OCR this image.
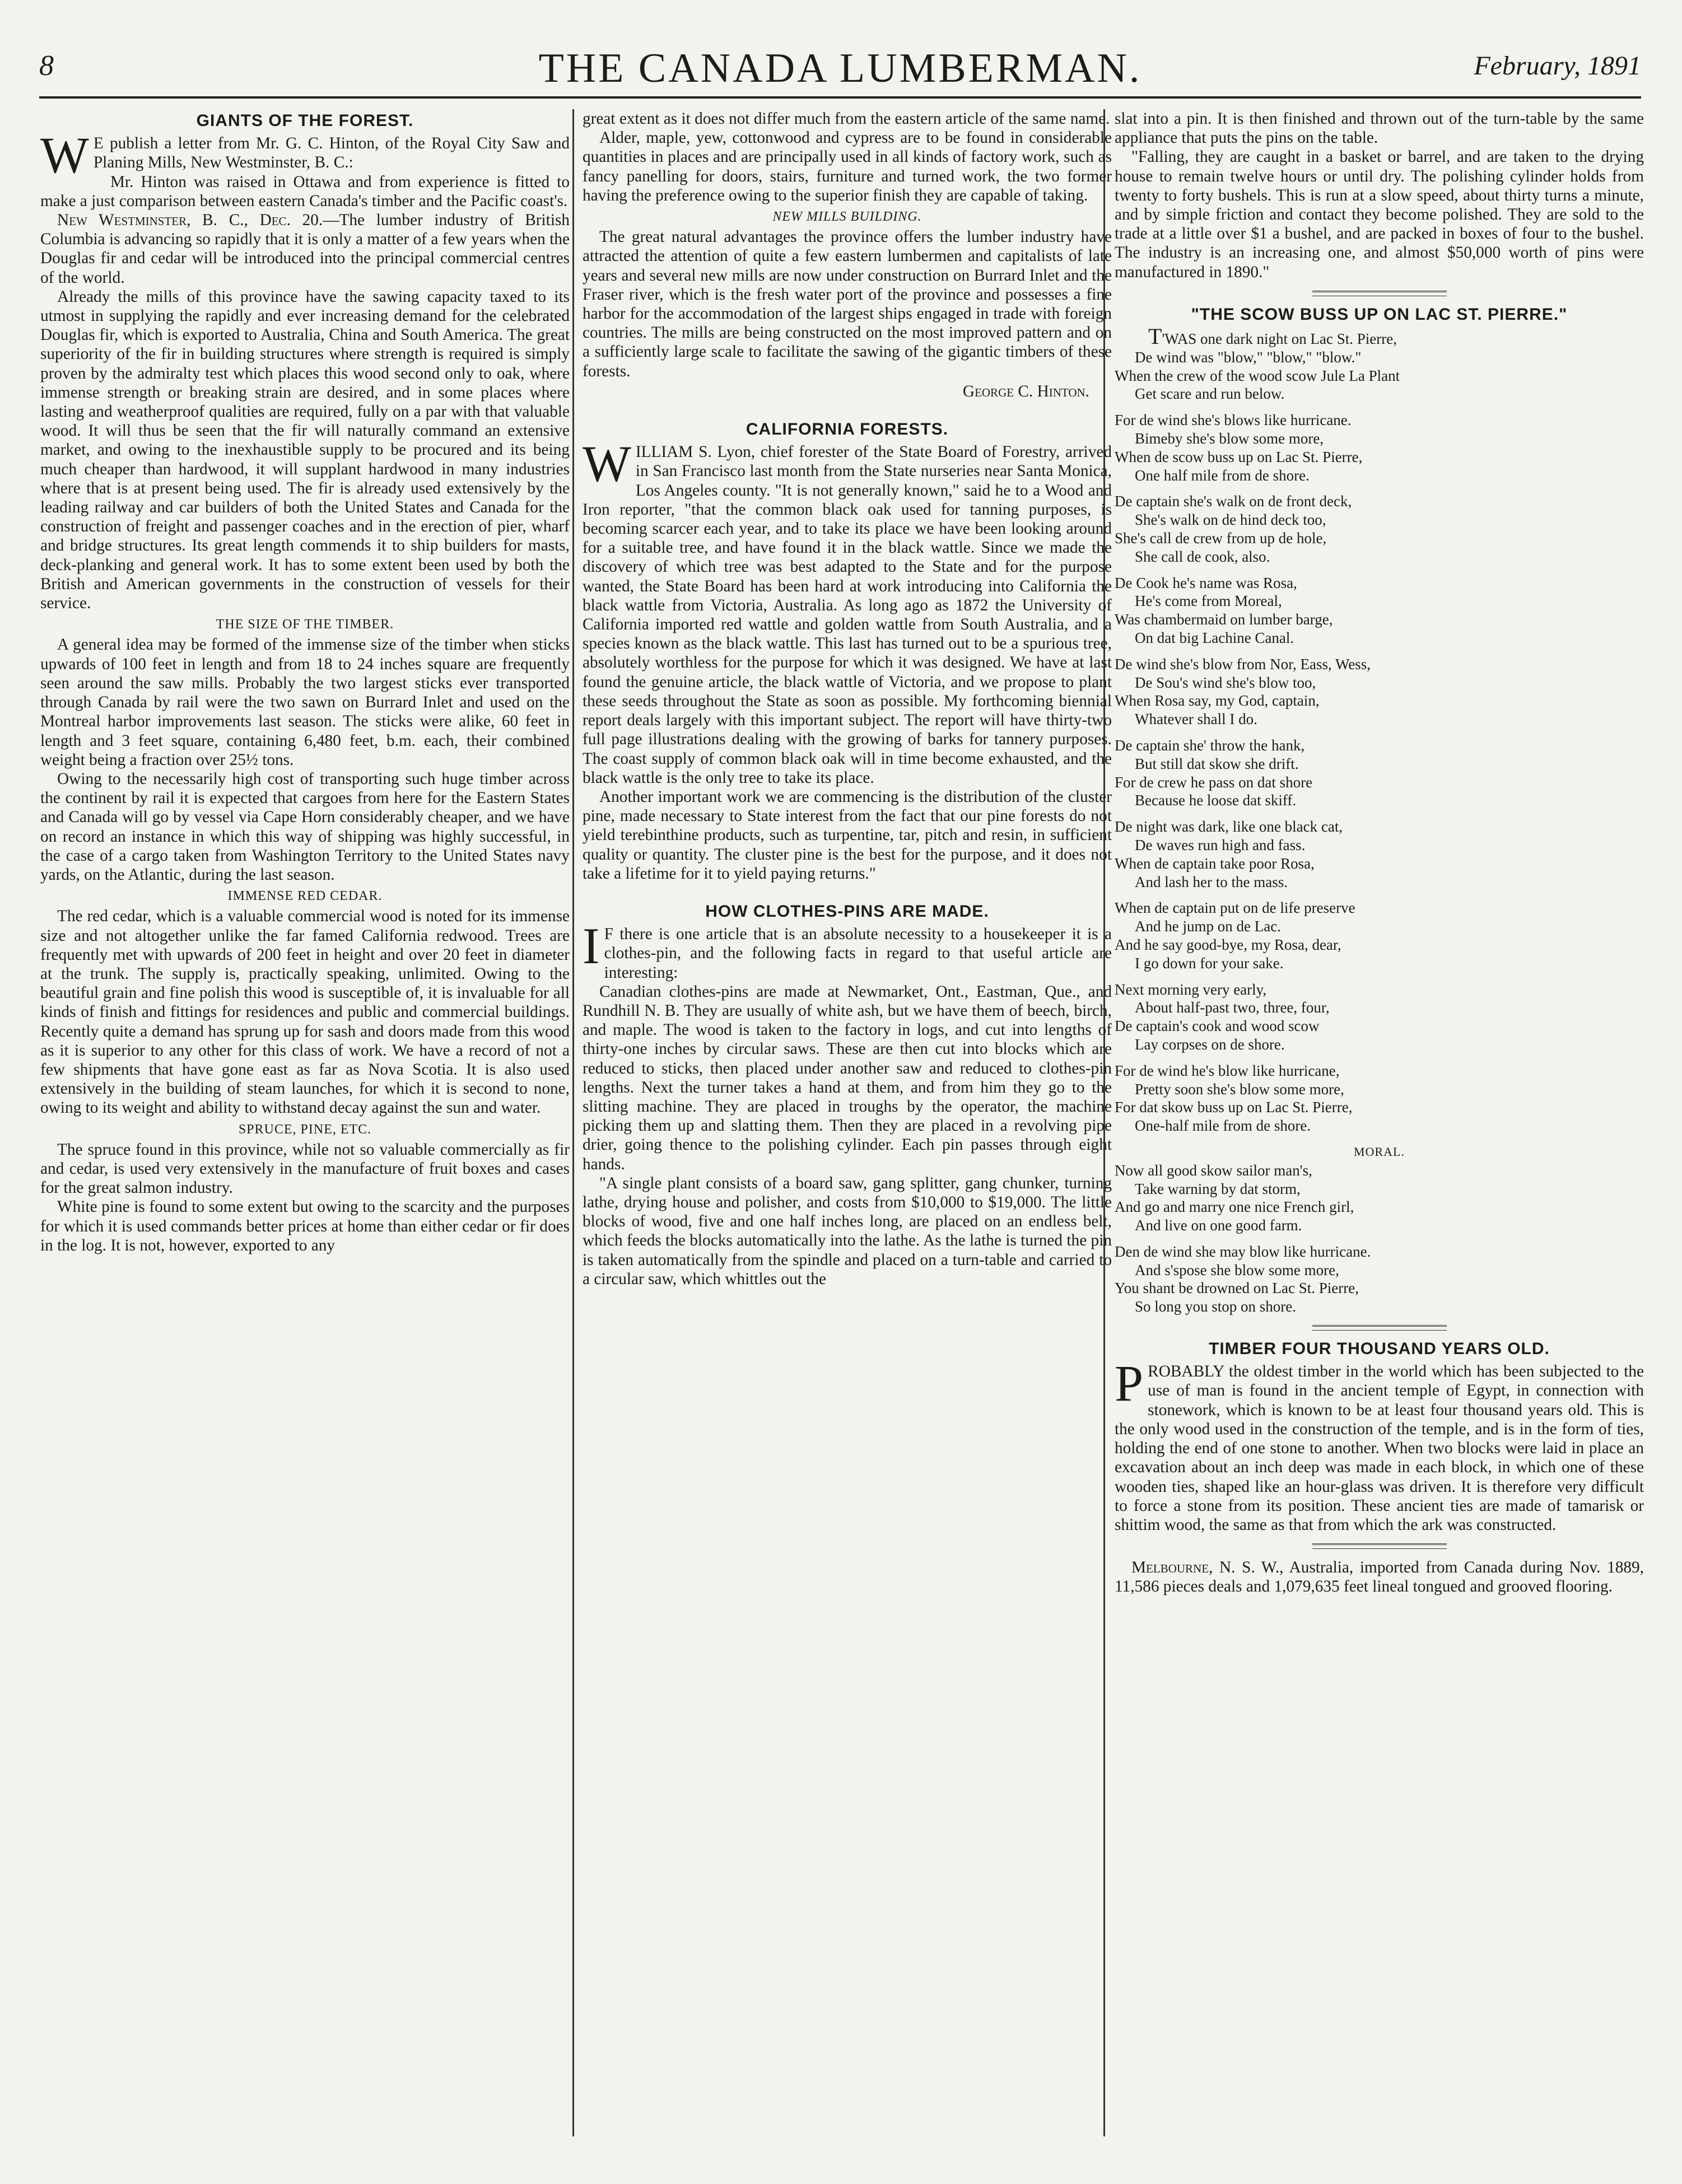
8	THE CANADA LUMBERMAN.	February, 1891
GIANTS OF THE FOREST.

W E publish a letter from Mr. G. C. Hinton, of the Royal City Saw and Planing Mills, New Westminster, B. C.:

Mr. Hinton was raised in Ottawa and from experience is fitted to make a just comparison between eastern Canada's timber and the Pacific coast's.

New Westminster, B. C., Dec. 20.—The lumber industry of British Columbia is advancing so rapidly that it is only a matter of a few years when the Douglas fir and cedar will be introduced into the principal commercial centres of the world.

Already the mills of this province have the sawing capacity taxed to its utmost in supplying the rapidly and ever increasing demand for the celebrated Douglas fir, which is exported to Australia, China and South America. The great superiority of the fir in building structures where strength is required is simply proven by the admiralty test which places this wood second only to oak, where immense strength or breaking strain are desired, and in some places where lasting and weatherproof qualities are required, fully on a par with that valuable wood. It will thus be seen that the fir will naturally command an extensive market, and owing to the inexhaustible supply to be procured and its being much cheaper than hardwood, it will supplant hardwood in many industries where that is at present being used. The fir is already used extensively by the leading railway and car builders of both the United States and Canada for the construction of freight and passenger coaches and in the erection of pier, wharf and bridge structures. Its great length commends it to ship builders for masts, deck-planking and general work. It has to some extent been used by both the British and American governments in the construction of vessels for their service.

THE SIZE OF THE TIMBER.

A general idea may be formed of the immense size of the timber when sticks upwards of 100 feet in length and from 18 to 24 inches square are frequently seen around the saw mills. Probably the two largest sticks ever transported through Canada by rail were the two sawn on Burrard Inlet and used on the Montreal harbor improvements last season. The sticks were alike, 60 feet in length and 3 feet square, containing 6,480 feet, b.m. each, their combined weight being a fraction over 25½ tons.

Owing to the necessarily high cost of transporting such huge timber across the continent by rail it is expected that cargoes from here for the Eastern States and Canada will go by vessel via Cape Horn considerably cheaper, and we have on record an instance in which this way of shipping was highly successful, in the case of a cargo taken from Washington Territory to the United States navy yards, on the Atlantic, during the last season.

IMMENSE RED CEDAR.

The red cedar, which is a valuable commercial wood is noted for its immense size and not altogether unlike the far famed California redwood. Trees are frequently met with upwards of 200 feet in height and over 20 feet in diameter at the trunk. The supply is, practically speaking, unlimited. Owing to the beautiful grain and fine polish this wood is susceptible of, it is invaluable for all kinds of finish and fittings for residences and public and commercial buildings. Recently quite a demand has sprung up for sash and doors made from this wood as it is superior to any other for this class of work. We have a record of not a few shipments that have gone east as far as Nova Scotia. It is also used extensively in the building of steam launches, for which it is second to none, owing to its weight and ability to withstand decay against the sun and water.

SPRUCE, PINE, ETC.

The spruce found in this province, while not so valuable commercially as fir and cedar, is used very extensively in the manufacture of fruit boxes and cases for the great salmon industry.

White pine is found to some extent but owing to the scarcity and the purposes for which it is used commands better prices at home than either cedar or fir does in the log. It is not, however, exported to any

great extent as it does not differ much from the eastern article of the same name.

Alder, maple, yew, cottonwood and cypress are to be found in considerable quantities in places and are principally used in all kinds of factory work, such as fancy panelling for doors, stairs, furniture and turned work, the two former having the preference owing to the superior finish they are capable of taking.

NEW MILLS BUILDING.

The great natural advantages the province offers the lumber industry have attracted the attention of quite a few eastern lumbermen and capitalists of late years and several new mills are now under construction on Burrard Inlet and the Fraser river, which is the fresh water port of the province and possesses a fine harbor for the accommodation of the largest ships engaged in trade with foreign countries. The mills are being constructed on the most improved pattern and on a sufficiently large scale to facilitate the sawing of the gigantic timbers of these forests.

George C. Hinton.
CALIFORNIA FORESTS.

WILLIAM S. Lyon, chief forester of the State Board of Forestry, arrived in San Francisco last month from the State nurseries near Santa Monica, Los Angeles county. "It is not generally known," said he to a Wood and Iron reporter, "that the common black oak used for tanning purposes, is becoming scarcer each year, and to take its place we have been looking around for a suitable tree, and have found it in the black wattle. Since we made the discovery of which tree was best adapted to the State and for the purpose wanted, the State Board has been hard at work introducing into California the black wattle from Victoria, Australia. As long ago as 1872 the University of California imported red wattle and golden wattle from South Australia, and a species known as the black wattle. This last has turned out to be a spurious tree, absolutely worthless for the purpose for which it was designed. We have at last found the genuine article, the black wattle of Victoria, and we propose to plant these seeds throughout the State as soon as possible. My forthcoming biennial report deals largely with this important subject. The report will have thirty-two full page illustrations dealing with the growing of barks for tannery purposes. The coast supply of common black oak will in time become exhausted, and the black wattle is the only tree to take its place.

Another important work we are commencing is the distribution of the cluster pine, made necessary to State interest from the fact that our pine forests do not yield terebinthine products, such as turpentine, tar, pitch and resin, in sufficient quality or quantity. The cluster pine is the best for the purpose, and it does not take a lifetime for it to yield paying returns."

HOW CLOTHES-PINS ARE MADE.

I F there is one article that is an absolute necessity to a housekeeper it is a clothes-pin, and the following facts in regard to that useful article are interesting:

Canadian clothes-pins are made at Newmarket, Ont., Eastman, Que., and Rundhill N. B. They are usually of white ash, but we have them of beech, birch, and maple. The wood is taken to the factory in logs, and cut into lengths of thirty-one inches by circular saws. These are then cut into blocks which are reduced to sticks, then placed under another saw and reduced to clothes-pin lengths. Next the turner takes a hand at them, and from him they go to the slitting machine. They are placed in troughs by the operator, the machine picking them up and slatting them. Then they are placed in a revolving pipe drier, going thence to the polishing cylinder. Each pin passes through eight hands.

"A single plant consists of a board saw, gang splitter, gang chunker, turning lathe, drying house and polisher, and costs from $10,000 to $19,000. The little blocks of wood, five and one half inches long, are placed on an endless belt, which feeds the blocks automatically into the lathe. As the lathe is turned the pin is taken automatically from the spindle and placed on a turn-table and carried to a circular saw, which whittles out the

slat into a pin. It is then finished and thrown out of the turn-table by the same appliance that puts the pins on the table.

"Falling, they are caught in a basket or barrel, and are taken to the drying house to remain twelve hours or until dry. The polishing cylinder holds from twenty to forty bushels. This is run at a slow speed, about thirty turns a minute, and by simple friction and contact they become polished. They are sold to the trade at a little over $1 a bushel, and are packed in boxes of four to the bushel. The industry is an increasing one, and almost $50,000 worth of pins were manufactured in 1890."

"THE SCOW BUSS UP ON LAC ST. PIERRE."
T'WAS one dark night on Lac St. Pierre,
De wind was "blow," "blow," "blow."
When the crew of the wood scow Jule La Plant
Get scare and run below.
For de wind she's blows like hurricane.
Bimeby she's blow some more,
When de scow buss up on Lac St. Pierre,
One half mile from de shore.
De captain she's walk on de front deck,
She's walk on de hind deck too,
She's call de crew from up de hole,
She call de cook, also.
De Cook he's name was Rosa,
He's come from Moreal,
Was chambermaid on lumber barge,
On dat big Lachine Canal.
De wind she's blow from Nor, Eass, Wess,
De Sou's wind she's blow too,
When Rosa say, my God, captain,
Whatever shall I do.
De captain she' throw the hank,
But still dat skow she drift.
For de crew he pass on dat shore
Because he loose dat skiff.
De night was dark, like one black cat,
De waves run high and fass.
When de captain take poor Rosa,
And lash her to the mass.
When de captain put on de life preserve
And he jump on de Lac.
And he say good-bye, my Rosa, dear,
I go down for your sake.
Next morning very early,
About half-past two, three, four,
De captain's cook and wood scow
Lay corpses on de shore.
For de wind he's blow like hurricane,
Pretty soon she's blow some more,
For dat skow buss up on Lac St. Pierre,
One-half mile from de shore.
MORAL.
Now all good skow sailor man's,
Take warning by dat storm,
And go and marry one nice French girl,
And live on one good farm.
Den de wind she may blow like hurricane.
And s'spose she blow some more,
You shant be drowned on Lac St. Pierre,
So long you stop on shore.
TIMBER FOUR THOUSAND YEARS OLD.

PROBABLY the oldest timber in the world which has been subjected to the use of man is found in the ancient temple of Egypt, in connection with stonework, which is known to be at least four thousand years old. This is the only wood used in the construction of the temple, and is in the form of ties, holding the end of one stone to another. When two blocks were laid in place an excavation about an inch deep was made in each block, in which one of these wooden ties, shaped like an hour-glass was driven. It is therefore very difficult to force a stone from its position. These ancient ties are made of tamarisk or shittim wood, the same as that from which the ark was constructed.

Melbourne, N. S. W., Australia, imported from Canada during Nov. 1889, 11,586 pieces deals and 1,079,635 feet lineal tongued and grooved flooring.
